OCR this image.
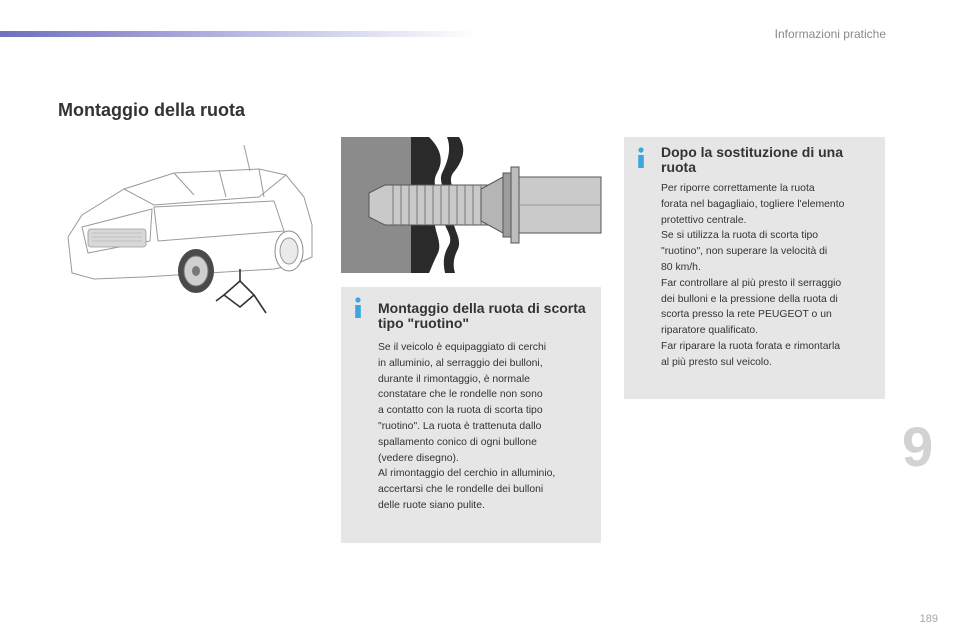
Informazioni pratiche
Montaggio della ruota
Montaggio della ruota di scorta tipo "ruotino"

Se il veicolo è equipaggiato di cerchi
in alluminio, al serraggio dei bulloni,
durante il rimontaggio, è normale
constatare che le rondelle non sono
a contatto con la ruota di scorta tipo
"ruotino". La ruota è trattenuta dallo
spallamento conico di ogni bullone
(vedere disegno).
Al rimontaggio del cerchio in alluminio,
accertarsi che le rondelle dei bulloni
delle ruote siano pulite.

Dopo la sostituzione di una ruota

Per riporre correttamente la ruota
forata nel bagagliaio, togliere l'elemento
protettivo centrale.
Se si utilizza la ruota di scorta tipo
"ruotino", non superare la velocità di
80 km/h.
Far controllare al più presto il serraggio
dei bulloni e la pressione della ruota di
scorta presso la rete PEUGEOT o un
riparatore qualificato.
Far riparare la ruota forata e rimontarla
al più presto sul veicolo.

9
189
